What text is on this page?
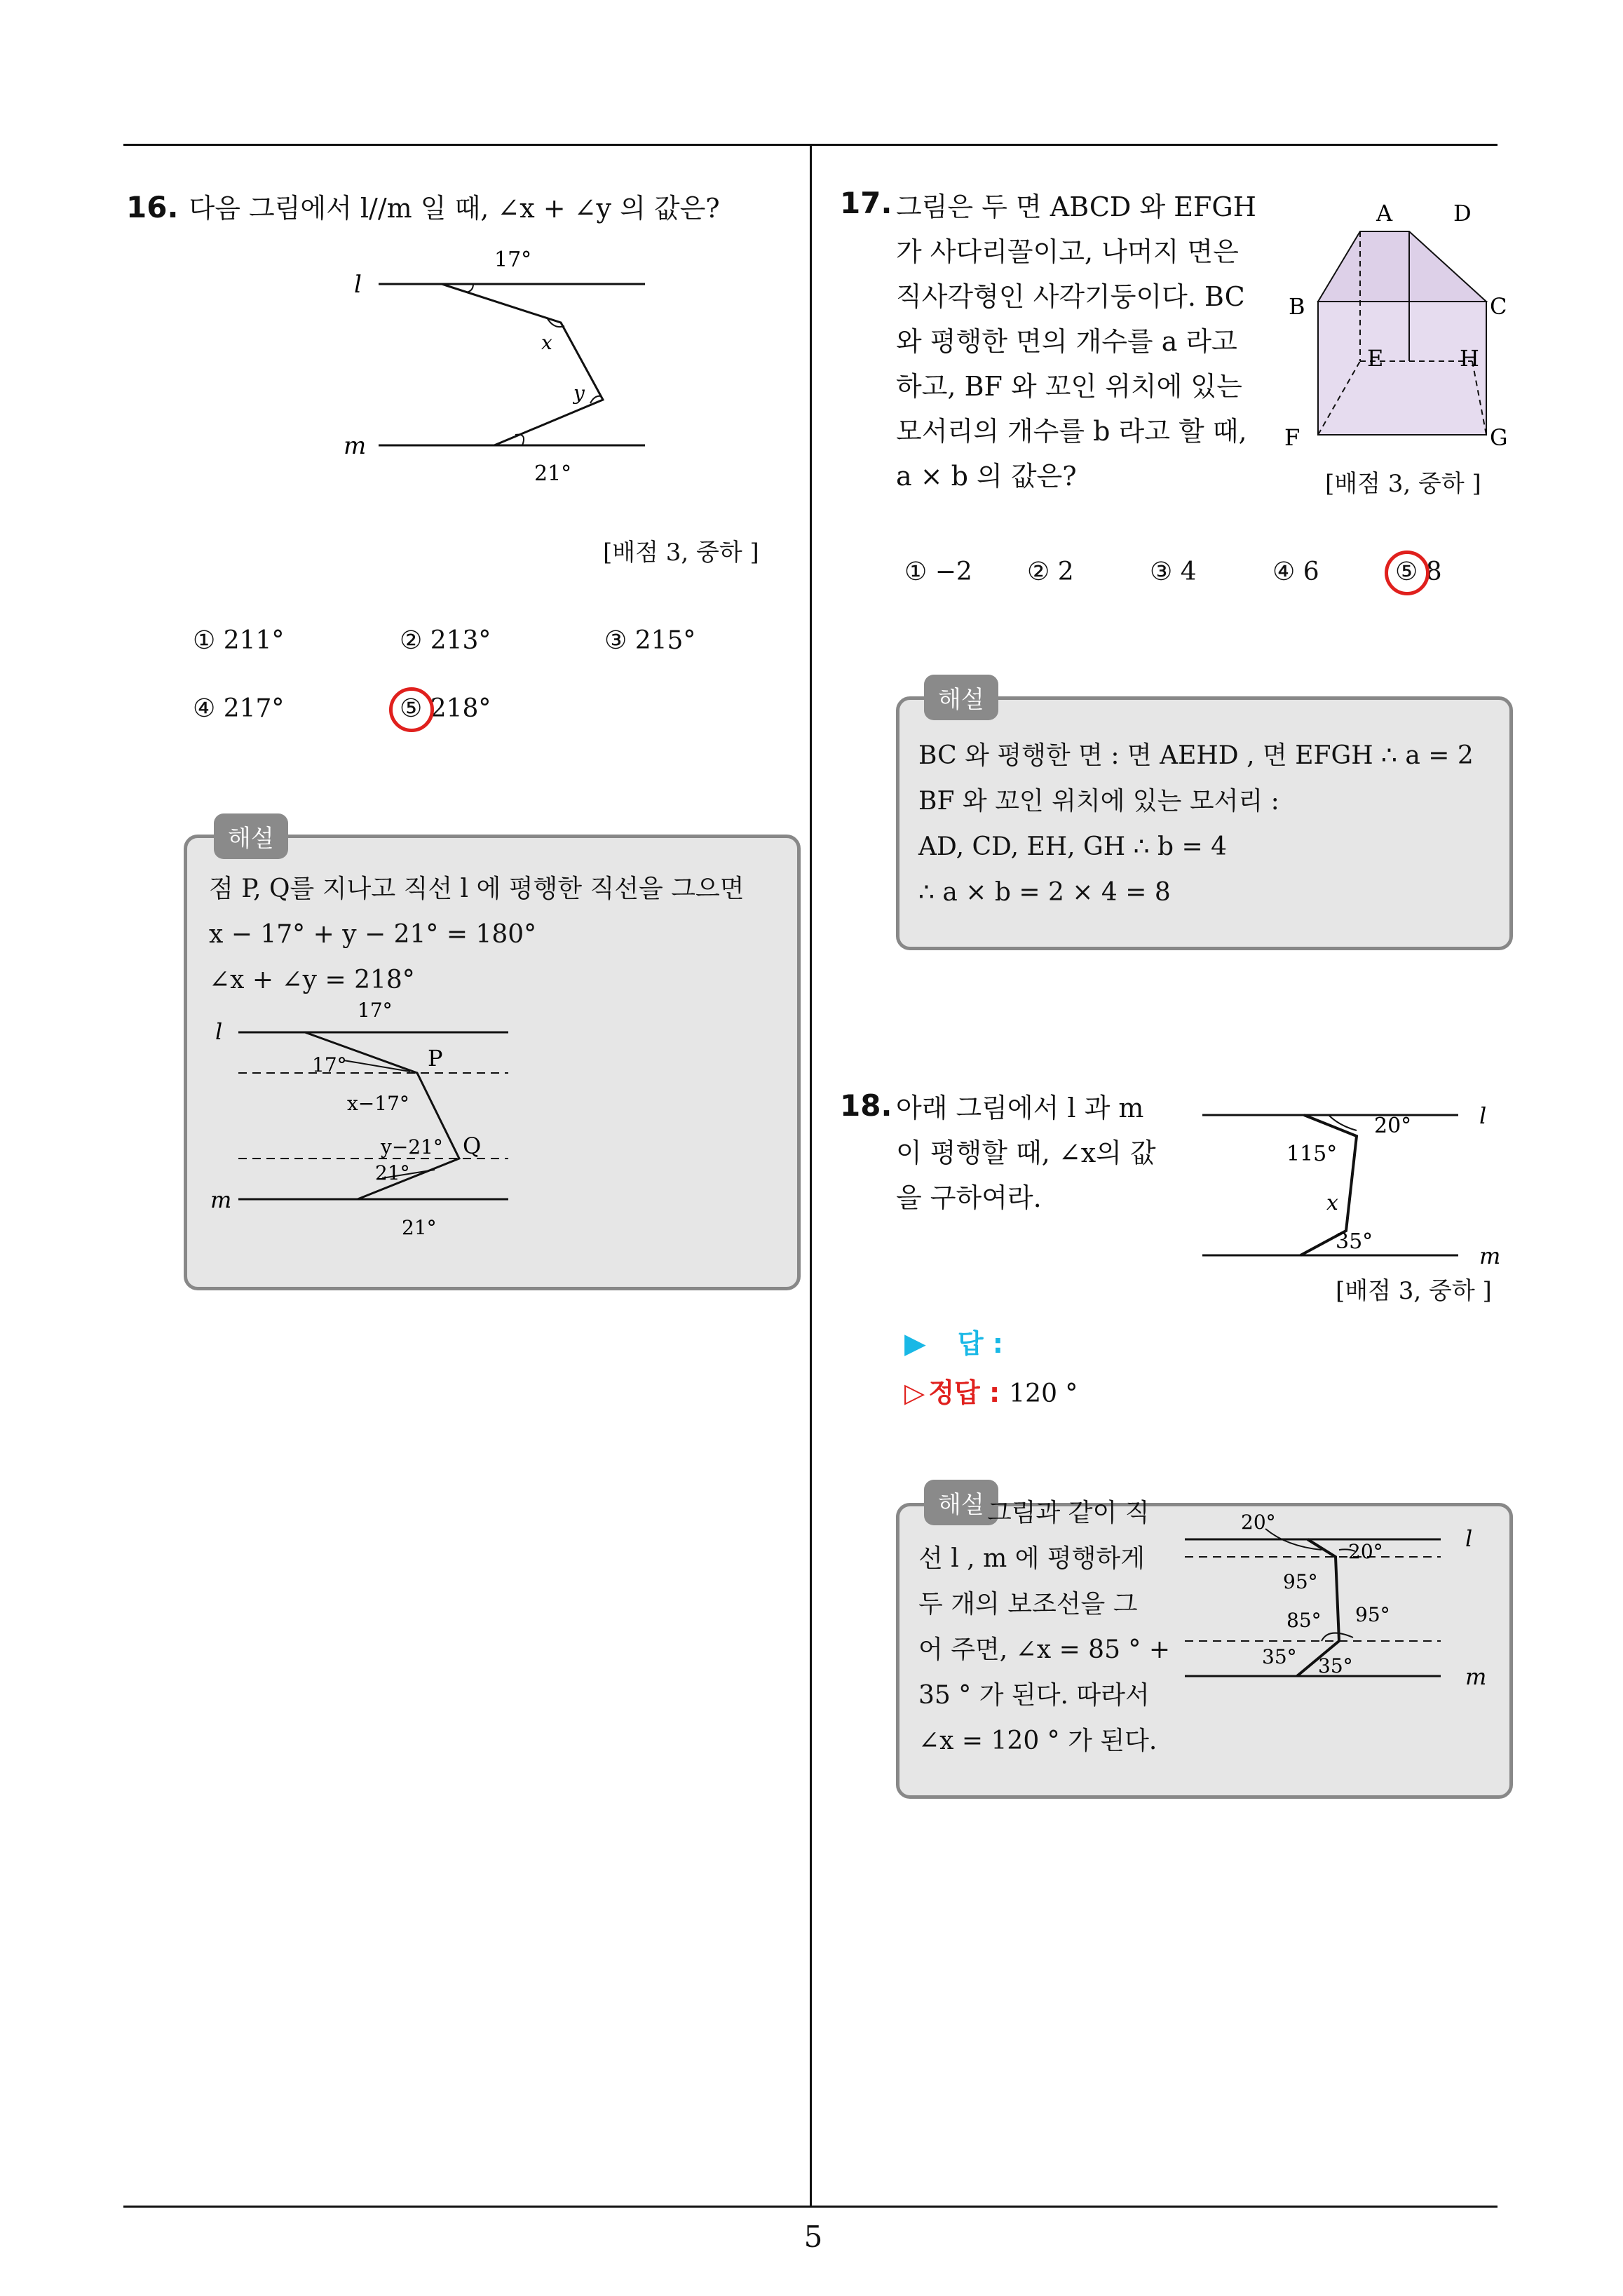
5
16. 다음 그림에서 l//m 일 때, ∠x + ∠y 의 값은?
l
m
17°
x
y
21°
[배점 3, 중하 ]
① 211°	② 213°	③ 215°
④ 217°	⑤ 218°
해설
점 P, Q를 지나고 직선 l 에 평행한 직선을 그으면
x − 17° + y − 21° = 180°
∠x + ∠y = 218°
l
m
17°
17°	P
x−17°
y−21° Q
21°
21°
17. 그림은 두 면 ABCD 와 EFGH
가 사다리꼴이고, 나머지 면은
직사각형인 사각기둥이다. BC
와 평행한 면의 개수를 a 라고
하고, BF 와 꼬인 위치에 있는
모서리의 개수를 b 라고 할 때,
a × b 의 값은?
A	D
B	C
E	H
F	G
[배점 3, 중하 ]
① −2 ② 2	③ 4	④ 6	⑤ 8
해설
BC 와 평행한 면 : 면 AEHD , 면 EFGH ∴ a = 2
BF 와 꼬인 위치에 있는 모서리 :
AD, CD, EH, GH ∴ b = 4
∴ a × b = 2 × 4 = 8
18. 아래 그림에서 l 과 m
이 평행할 때, ∠x의 값
을 구하여라.
l
m
20°
115°
x
35°
[배점 3, 중하 ]
▶ 답 :
▷ 정답 : 120 °
해설 그림과 같이 직
선 l , m 에 평행하게
두 개의 보조선을 그
어 주면, ∠x = 85 ° +
35 ° 가 된다. 따라서
∠x = 120 ° 가 된다.
l
m
20°
20°
95°
85° 95°
35° 35°
